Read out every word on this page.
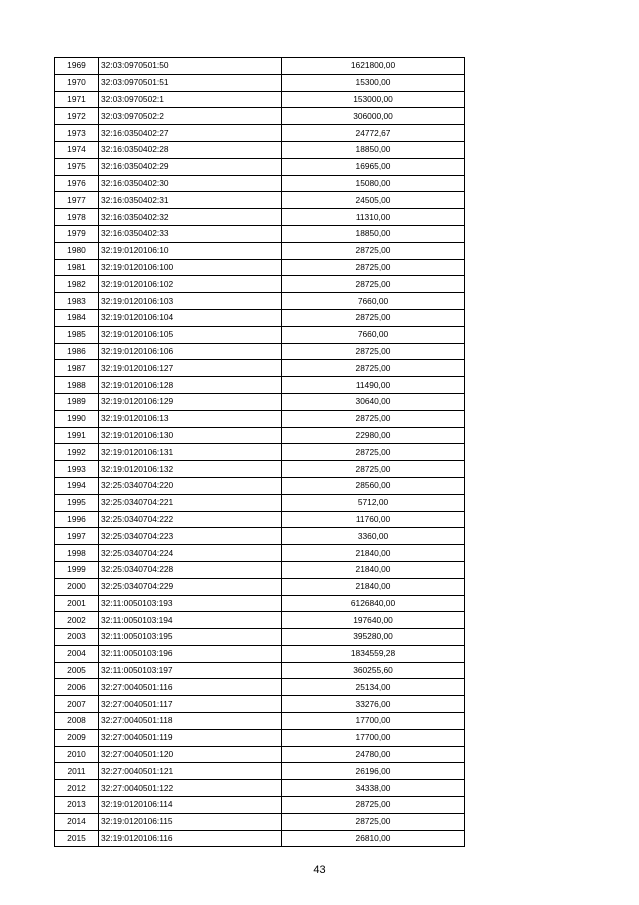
1969	32:03:0970501:50	1621800,00
1970	32:03:0970501:51	15300,00
1971	32:03:0970502:1	153000,00
1972	32:03:0970502:2	306000,00
1973	32:16:0350402:27	24772,67
1974	32:16:0350402:28	18850,00
1975	32:16:0350402:29	16965,00
1976	32:16:0350402:30	15080,00
1977	32:16:0350402:31	24505,00
1978	32:16:0350402:32	11310,00
1979	32:16:0350402:33	18850,00
1980	32:19:0120106:10	28725,00
1981	32:19:0120106:100	28725,00
1982	32:19:0120106:102	28725,00
1983	32:19:0120106:103	7660,00
1984	32:19:0120106:104	28725,00
1985	32:19:0120106:105	7660,00
1986	32:19:0120106:106	28725,00
1987	32:19:0120106:127	28725,00
1988	32:19:0120106:128	11490,00
1989	32:19:0120106:129	30640,00
1990	32:19:0120106:13	28725,00
1991	32:19:0120106:130	22980,00
1992	32:19:0120106:131	28725,00
1993	32:19:0120106:132	28725,00
1994	32:25:0340704:220	28560,00
1995	32:25:0340704:221	5712,00
1996	32:25:0340704:222	11760,00
1997	32:25:0340704:223	3360,00
1998	32:25:0340704:224	21840,00
1999	32:25:0340704:228	21840,00
2000	32:25:0340704:229	21840,00
2001	32:11:0050103:193	6126840,00
2002	32:11:0050103:194	197640,00
2003	32:11:0050103:195	395280,00
2004	32:11:0050103:196	1834559,28
2005	32:11:0050103:197	360255,60
2006	32:27:0040501:116	25134,00
2007	32:27:0040501:117	33276,00
2008	32:27:0040501:118	17700,00
2009	32:27:0040501:119	17700,00
2010	32:27:0040501:120	24780,00
2011	32:27:0040501:121	26196,00
2012	32:27:0040501:122	34338,00
2013	32:19:0120106:114	28725,00
2014	32:19:0120106:115	28725,00
2015	32:19:0120106:116	26810,00
43
